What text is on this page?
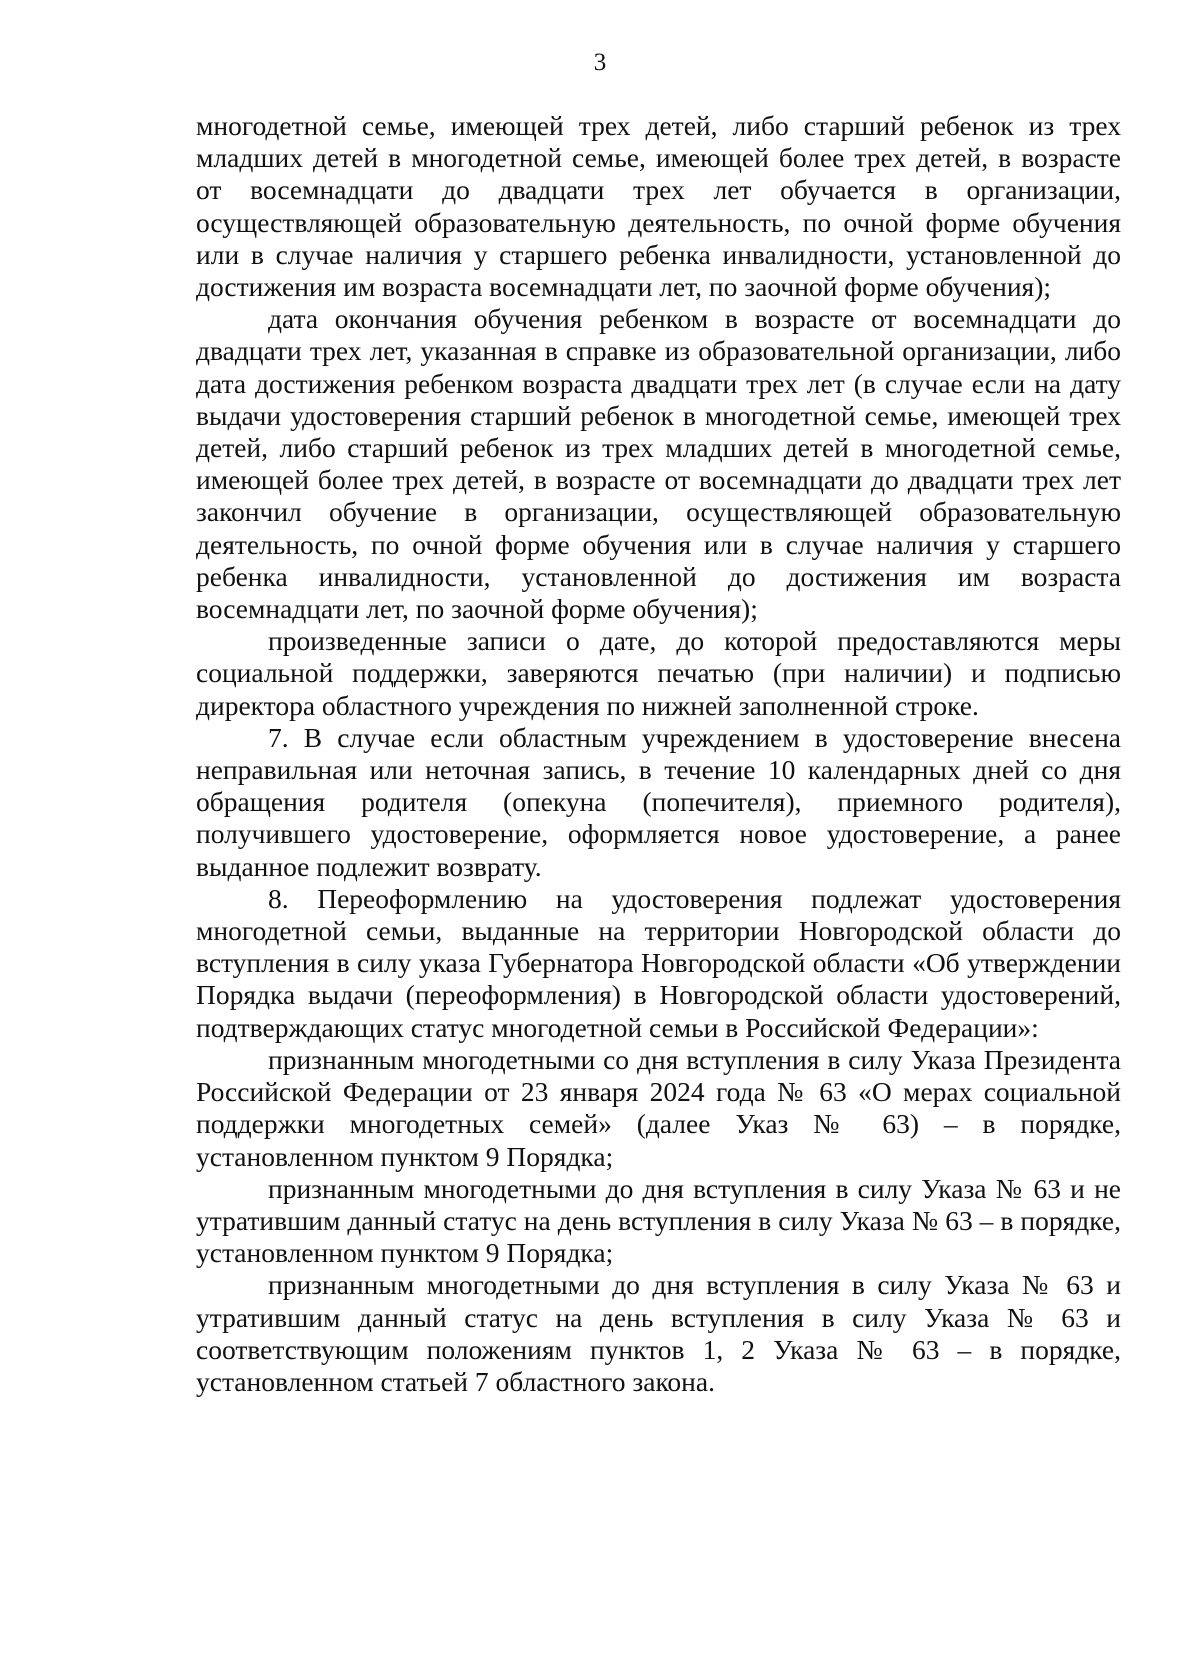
3

многодетной семье, имеющей трех детей, либо старший ребенок из трех младших детей в многодетной семье, имеющей более трех детей, в возрасте от восемнадцати до двадцати трех лет обучается в организации, осуществляющей образовательную деятельность, по очной форме обучения или в случае наличия у старшего ребенка инвалидности, установленной до достижения им возраста восемнадцати лет, по заочной форме обучения);

дата окончания обучения ребенком в возрасте от восемнадцати до двадцати трех лет, указанная в справке из образовательной организации, либо дата достижения ребенком возраста двадцати трех лет (в случае если на дату выдачи удостоверения старший ребенок в многодетной семье, имеющей трех детей, либо старший ребенок из трех младших детей в многодетной семье, имеющей более трех детей, в возрасте от восемнадцати до двадцати трех лет закончил обучение в организации, осуществляющей образовательную деятельность, по очной форме обучения или в случае наличия у старшего ребенка инвалидности, установленной до достижения им возраста восемнадцати лет, по заочной форме обучения);

произведенные записи о дате, до которой предоставляются меры социальной поддержки, заверяются печатью (при наличии) и подписью директора областного учреждения по нижней заполненной строке.

7. В случае если областным учреждением в удостоверение внесена неправильная или неточная запись, в течение 10 календарных дней со дня обращения родителя (опекуна (попечителя), приемного родителя), получившего удостоверение, оформляется новое удостоверение, а ранее выданное подлежит возврату.

8. Переоформлению на удостоверения подлежат удостоверения многодетной семьи, выданные на территории Новгородской области до вступления в силу указа Губернатора Новгородской области «Об утверждении Порядка выдачи (переоформления) в Новгородской области удостоверений, подтверждающих статус многодетной семьи в Российской Федерации»:

признанным многодетными со дня вступления в силу Указа Президента Российской Федерации от 23 января 2024 года № 63 «О мерах социальной поддержки многодетных семей» (далее Указ № 63) – в порядке, установленном пунктом 9 Порядка;

признанным многодетными до дня вступления в силу Указа № 63 и не утратившим данный статус на день вступления в силу Указа № 63 – в порядке, установленном пунктом 9 Порядка;

признанным многодетными до дня вступления в силу Указа № 63 и утратившим данный статус на день вступления в силу Указа № 63 и соответствующим положениям пунктов 1, 2 Указа № 63 – в порядке, установленном статьей 7 областного закона.
